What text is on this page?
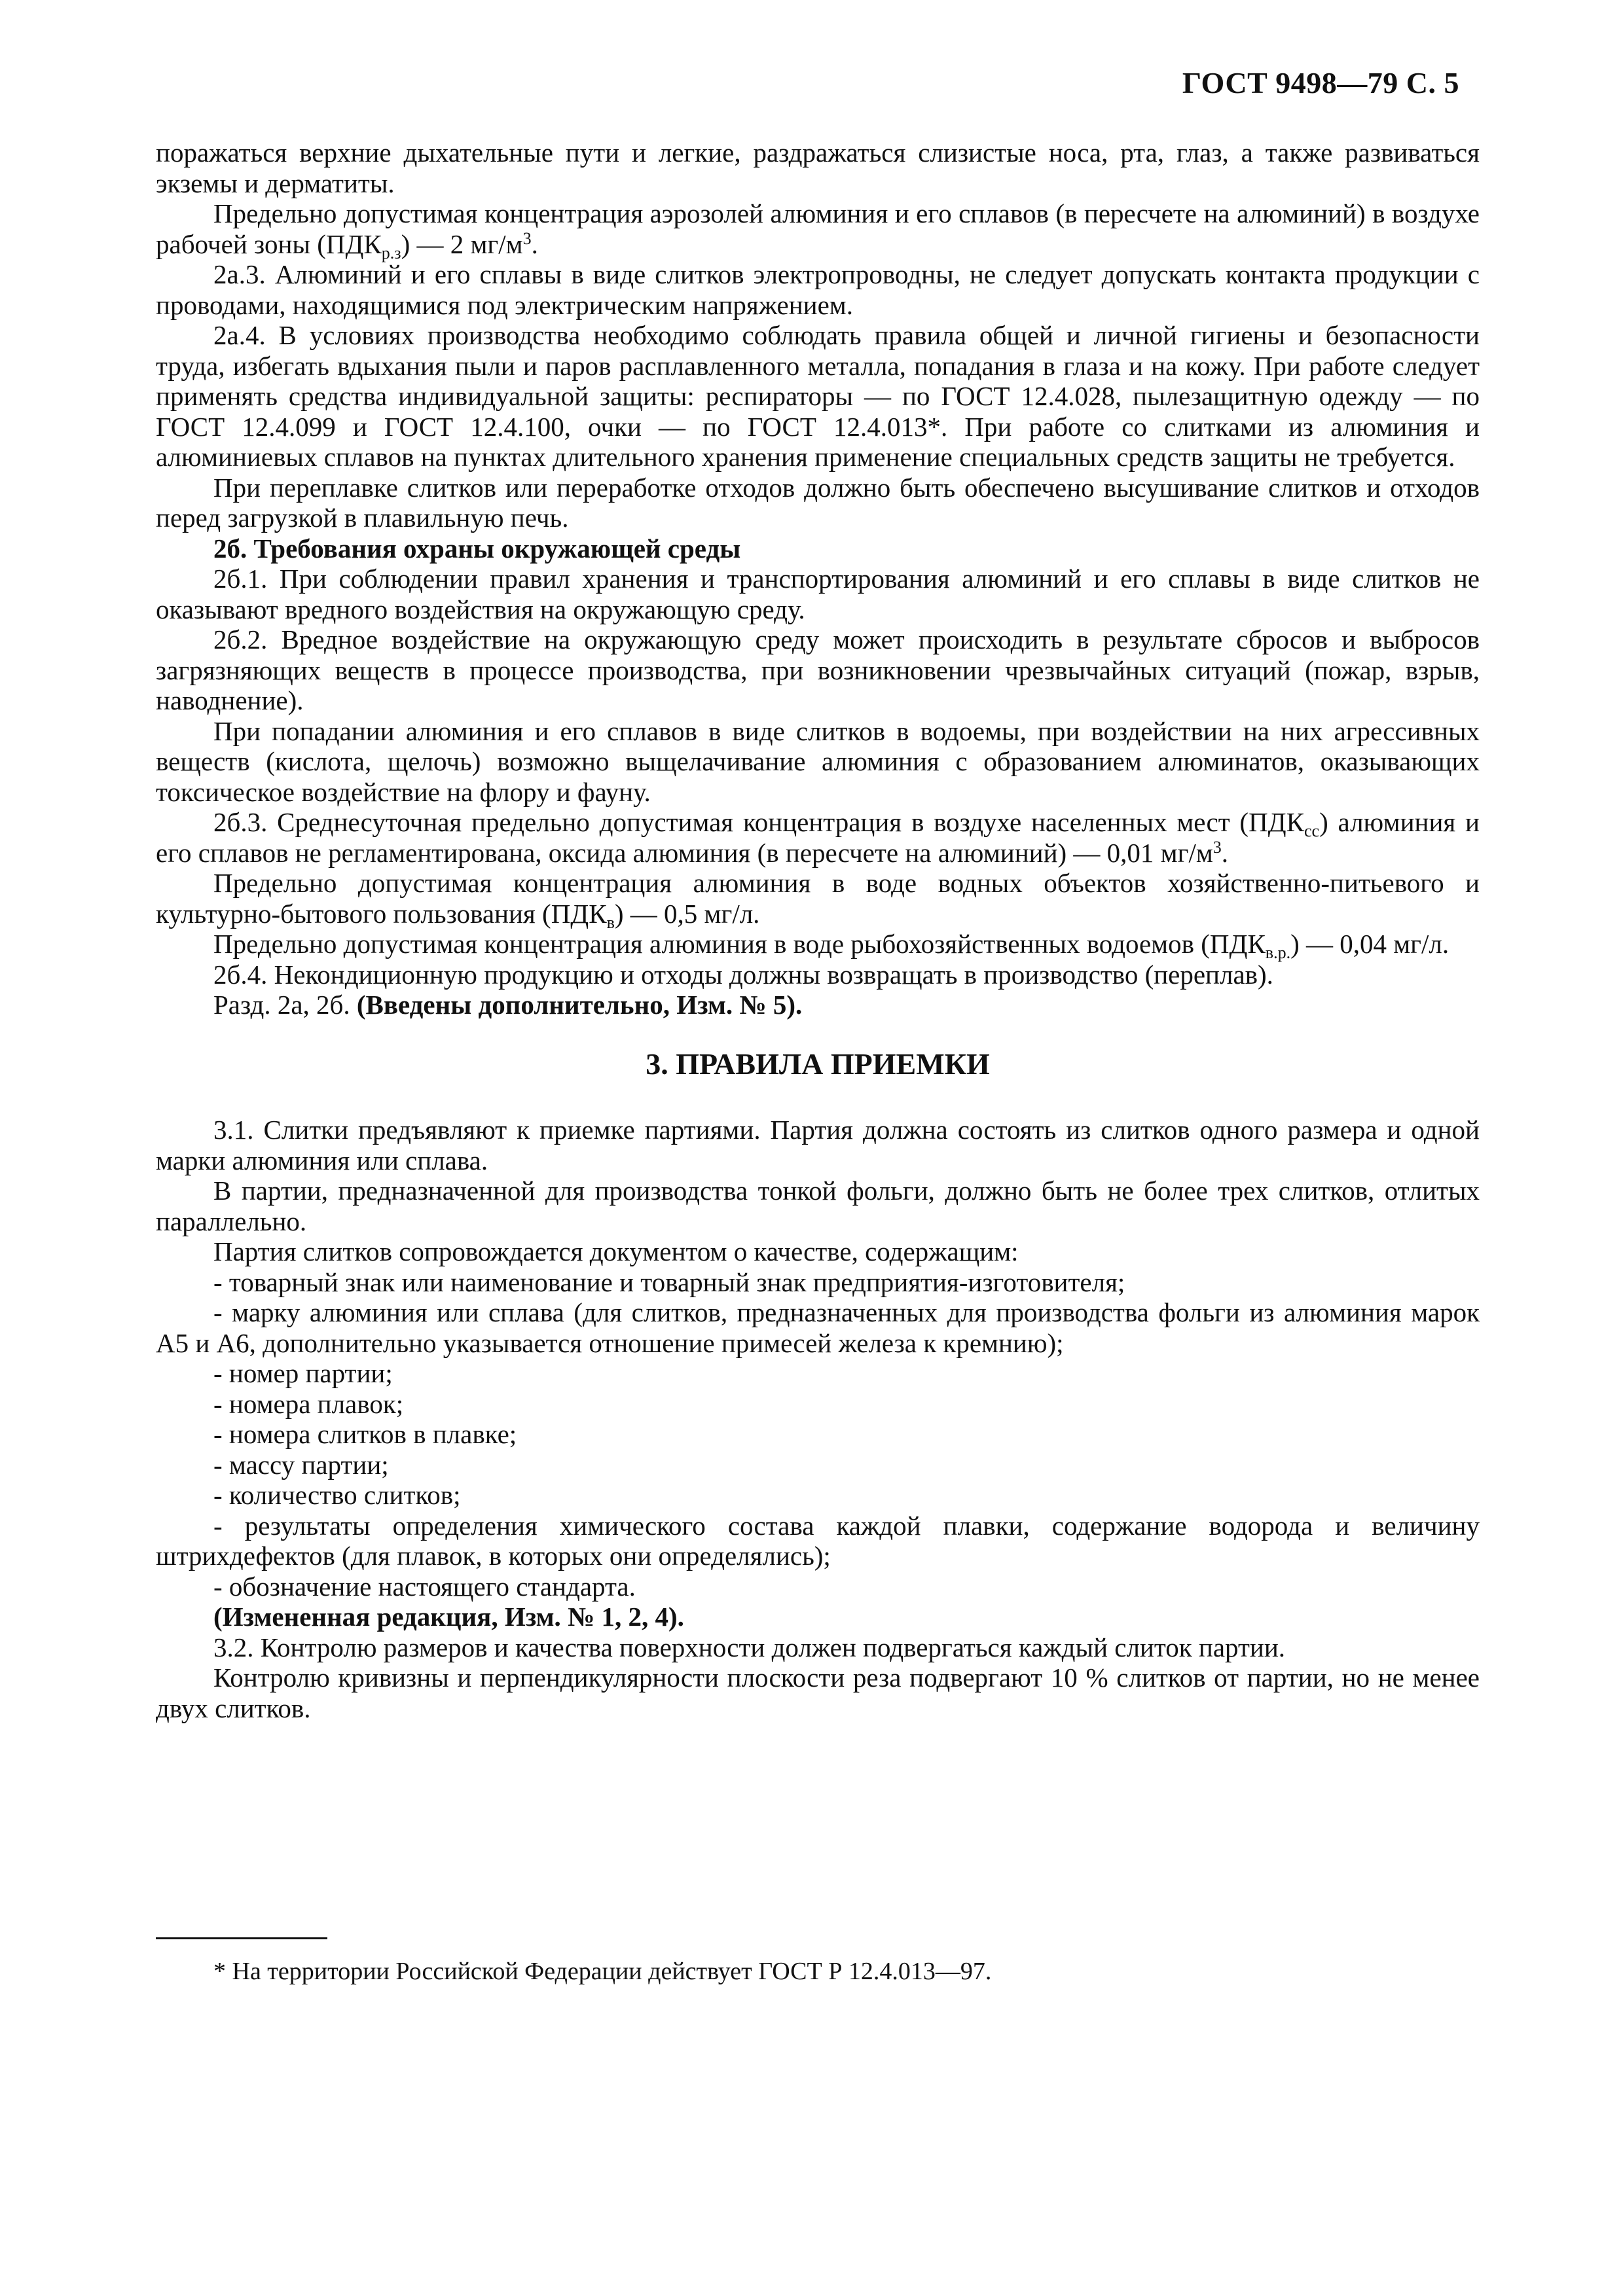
ГОСТ 9498—79 С. 5

поражаться верхние дыхательные пути и легкие, раздражаться слизистые носа, рта, глаз, а также развиваться экземы и дерматиты.

Предельно допустимая концентрация аэрозолей алюминия и его сплавов (в пересчете на алюминий) в воздухе рабочей зоны $(ПДК_{р.з})$ — 2 $мг/м^3$.

2а.3. Алюминий и его сплавы в виде слитков электропроводны, не следует допускать контакта продукции с проводами, находящимися под электрическим напряжением.

2а.4. В условиях производства необходимо соблюдать правила общей и личной гигиены и безопасности труда, избегать вдыхания пыли и паров расплавленного металла, попадания в глаза и на кожу. При работе следует применять средства индивидуальной защиты: респираторы — по ГОСТ 12.4.028, пылезащитную одежду — по ГОСТ 12.4.099 и ГОСТ 12.4.100, очки — по ГОСТ 12.4.013*. При работе со слитками из алюминия и алюминиевых сплавов на пунктах длительного хранения применение специальных средств защиты не требуется.

При переплавке слитков или переработке отходов должно быть обеспечено высушивание слитков и отходов перед загрузкой в плавильную печь.

2б. Требования охраны окружающей среды

2б.1. При соблюдении правил хранения и транспортирования алюминий и его сплавы в виде слитков не оказывают вредного воздействия на окружающую среду.

2б.2. Вредное воздействие на окружающую среду может происходить в результате сбросов и выбросов загрязняющих веществ в процессе производства, при возникновении чрезвычайных ситуаций (пожар, взрыв, наводнение).

При попадании алюминия и его сплавов в виде слитков в водоемы, при воздействии на них агрессивных веществ (кислота, щелочь) возможно выщелачивание алюминия с образованием алюминатов, оказывающих токсическое воздействие на флору и фауну.

2б.3. Среднесуточная предельно допустимая концентрация в воздухе населенных мест $(ПДК_{сс})$ алюминия и его сплавов не регламентирована, оксида алюминия (в пересчете на алюминий) — 0,01 $мг/м^3$.

Предельно допустимая концентрация алюминия в воде водных объектов хозяйственно-питьевого и культурно-бытового пользования $(ПДК_в)$ — 0,5 мг/л.

Предельно допустимая концентрация алюминия в воде рыбохозяйственных водоемов $(ПДК_{в.р.})$ — 0,04 мг/л.

2б.4. Некондиционную продукцию и отходы должны возвращать в производство (переплав).

Разд. 2а, 2б. (Введены дополнительно, Изм. № 5).

3. ПРАВИЛА ПРИЕМКИ

3.1. Слитки предъявляют к приемке партиями. Партия должна состоять из слитков одного размера и одной марки алюминия или сплава.

В партии, предназначенной для производства тонкой фольги, должно быть не более трех слитков, отлитых параллельно.

Партия слитков сопровождается документом о качестве, содержащим:

- товарный знак или наименование и товарный знак предприятия-изготовителя;

- марку алюминия или сплава (для слитков, предназначенных для производства фольги из алюминия марок А5 и А6, дополнительно указывается отношение примесей железа к кремнию);

- номер партии;

- номера плавок;

- номера слитков в плавке;

- массу партии;

- количество слитков;

- результаты определения химического состава каждой плавки, содержание водорода и величину штрихдефектов (для плавок, в которых они определялись);

- обозначение настоящего стандарта.

(Измененная редакция, Изм. № 1, 2, 4).

3.2. Контролю размеров и качества поверхности должен подвергаться каждый слиток партии.

Контролю кривизны и перпендикулярности плоскости реза подвергают 10 % слитков от партии, но не менее двух слитков.

* На территории Российской Федерации действует ГОСТ Р 12.4.013—97.
